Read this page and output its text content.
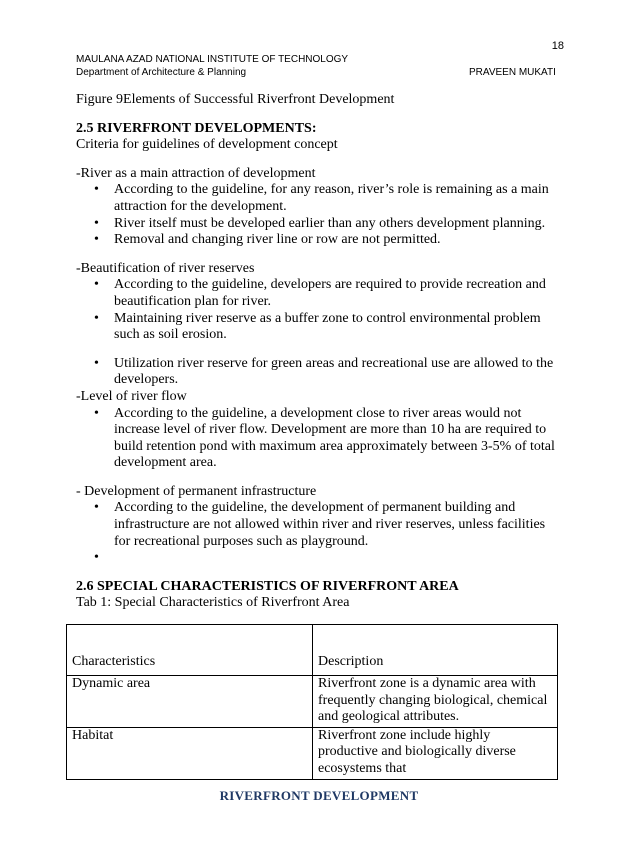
18
MAULANA AZAD NATIONAL INSTITUTE OF TECHNOLOGY
Department of Architecture & Planning	PRAVEEN MUKATI

Figure 9Elements of Successful Riverfront Development

2.5 RIVERFRONT DEVELOPMENTS:

Criteria for guidelines of development concept

-River as a main attraction of development

• According to the guideline, for any reason, river’s role is remaining as a main attraction for the development.
• River itself must be developed earlier than any others development planning.
• Removal and changing river line or row are not permitted.

-Beautification of river reserves

• According to the guideline, developers are required to provide recreation and beautification plan for river.
• Maintaining river reserve as a buffer zone to control environmental problem such as soil erosion.
• Utilization river reserve for green areas and recreational use are allowed to the developers.

-Level of river flow

• According to the guideline, a development close to river areas would not increase level of river flow. Development are more than 10 ha are required to build retention pond with maximum area approximately between 3-5% of total development area.

- Development of permanent infrastructure

• According to the guideline, the development of permanent building and infrastructure are not allowed within river and river reserves, unless facilities for recreational purposes such as playground.
•

2.6 SPECIAL CHARACTERISTICS OF RIVERFRONT AREA

Tab 1: Special Characteristics of Riverfront Area

Characteristics	Description
Dynamic area	Riverfront zone is a dynamic area with frequently changing biological, chemical and geological attributes.
Habitat	Riverfront zone include highly productive and biologically diverse ecosystems that
RIVERFRONT DEVELOPMENT
